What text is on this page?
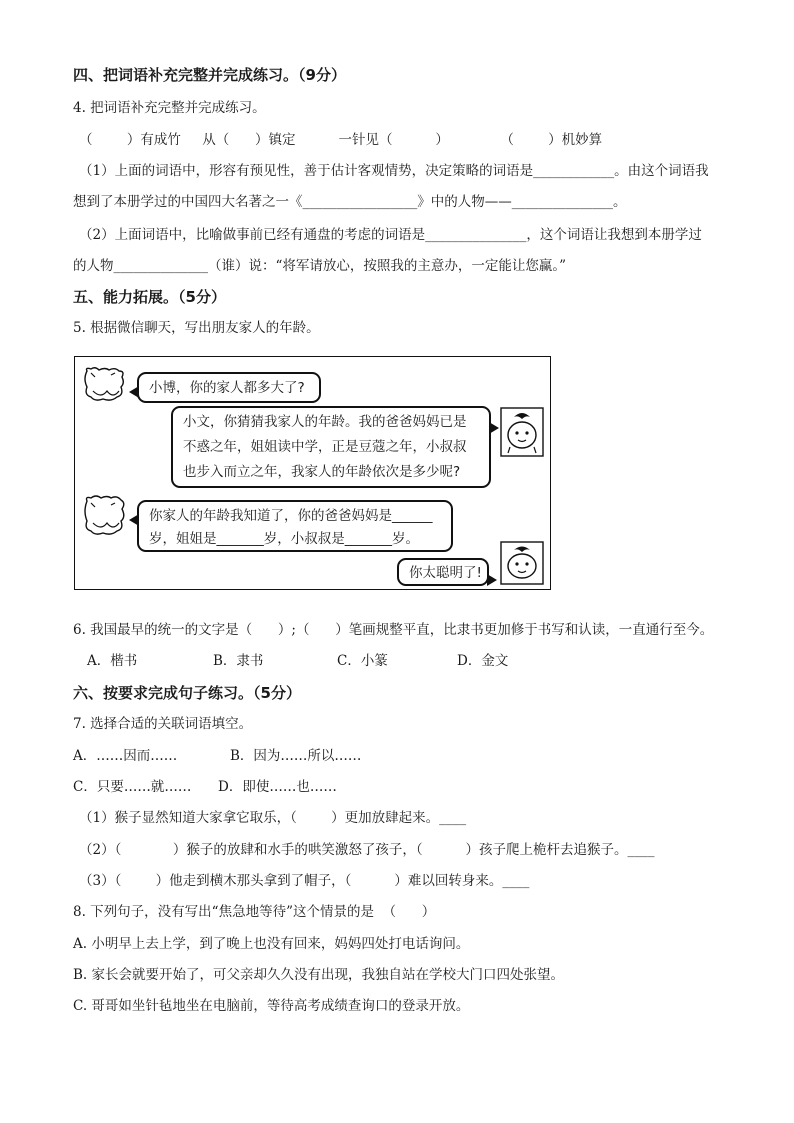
四、把词语补充完整并完成练习。（9分）
4. 把词语补充完整并完成练习。
（        ）有成竹     从（      ）镇定          一针见（          ）            （        ）机妙算
（1）上面的词语中，形容有预见性，善于估计客观情势，决定策略的词语是____________。由这个词语我
想到了本册学过的中国四大名著之一《_________________》中的人物——_______________。
（2）上面词语中，比喻做事前已经有通盘的考虑的词语是_______________，这个词语让我想到本册学过
的人物______________（谁）说：“将军请放心，按照我的主意办，一定能让您赢。”
五、能力拓展。（5分）
5. 根据微信聊天，写出朋友家人的年龄。
小博，你的家人都多大了?
小文，你猜猜我家人的年龄。我的爸爸妈妈已是
不惑之年，姐姐读中学，正是豆蔻之年，小叔叔
也步入而立之年，我家人的年龄依次是多少呢?
你家人的年龄我知道了，你的爸爸妈妈是______
岁，姐姐是_______岁，小叔叔是_______岁。
你太聪明了!
6. 我国最早的统一的文字是（      ）;（      ）笔画规整平直，比隶书更加修于书写和认读，一直通行至今。
A．楷书	B．隶书	C．小篆	D．金文
六、按要求完成句子练习。（5分）
7. 选择合适的关联词语填空。
A．……因而……	B．因为……所以……
C．只要……就…… D．即使……也……
（1）猴子显然知道大家拿它取乐，（        ）更加放肆起来。____
（2）（            ）猴子的放肆和水手的哄笑激怒了孩子，（          ）孩子爬上桅杆去追猴子。____
（3）（        ）他走到横木那头拿到了帽子，（          ）难以回转身来。____
8. 下列句子，没有写出“焦急地等待”这个情景的是  （      ）
A. 小明早上去上学，到了晚上也没有回来，妈妈四处打电话询问。
B. 家长会就要开始了，可父亲却久久没有出现，我独自站在学校大门口四处张望。
C. 哥哥如坐针毡地坐在电脑前，等待高考成绩查询口的登录开放。
